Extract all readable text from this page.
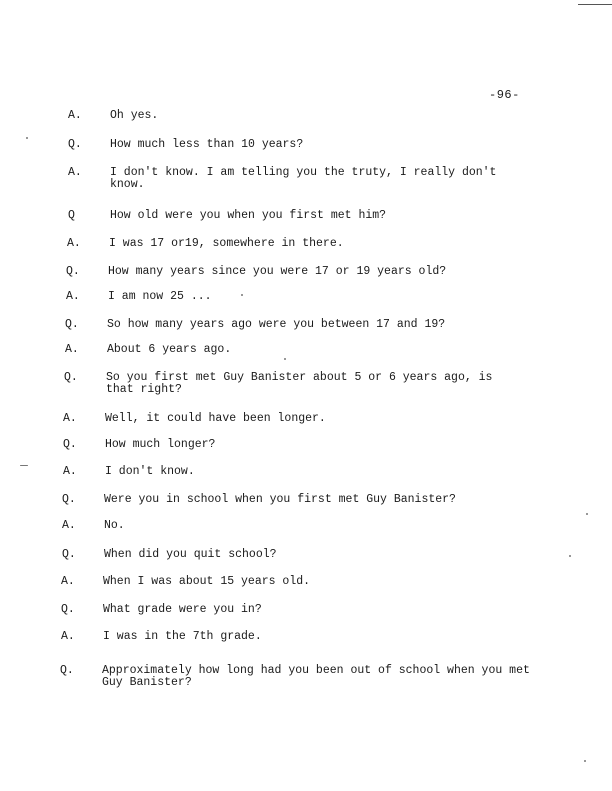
-96-
A.	Oh yes.
Q.	How much less than 10 years?
A.	I don't know. I am telling you the truty, I really don't know.
Q	How old were you when you first met him?
A.	I was 17 or19, somewhere in there.
Q.	How many years since you were 17 or 19 years old?
A.	I am now 25 ...
Q.	So how many years ago were you between 17 and 19?
A.	About 6 years ago.
Q.	So you first met Guy Banister about 5 or 6 years ago, is that right?
A.	Well, it could have been longer.
Q.	How much longer?
A.	I don't know.
Q.	Were you in school when you first met Guy Banister?
A.	No.
Q.	When did you quit school?
A.	When I was about 15 years old.
Q.	What grade were you in?
A.	I was in the 7th grade.
Q.	Approximately how long had you been out of school when you met Guy Banister?
